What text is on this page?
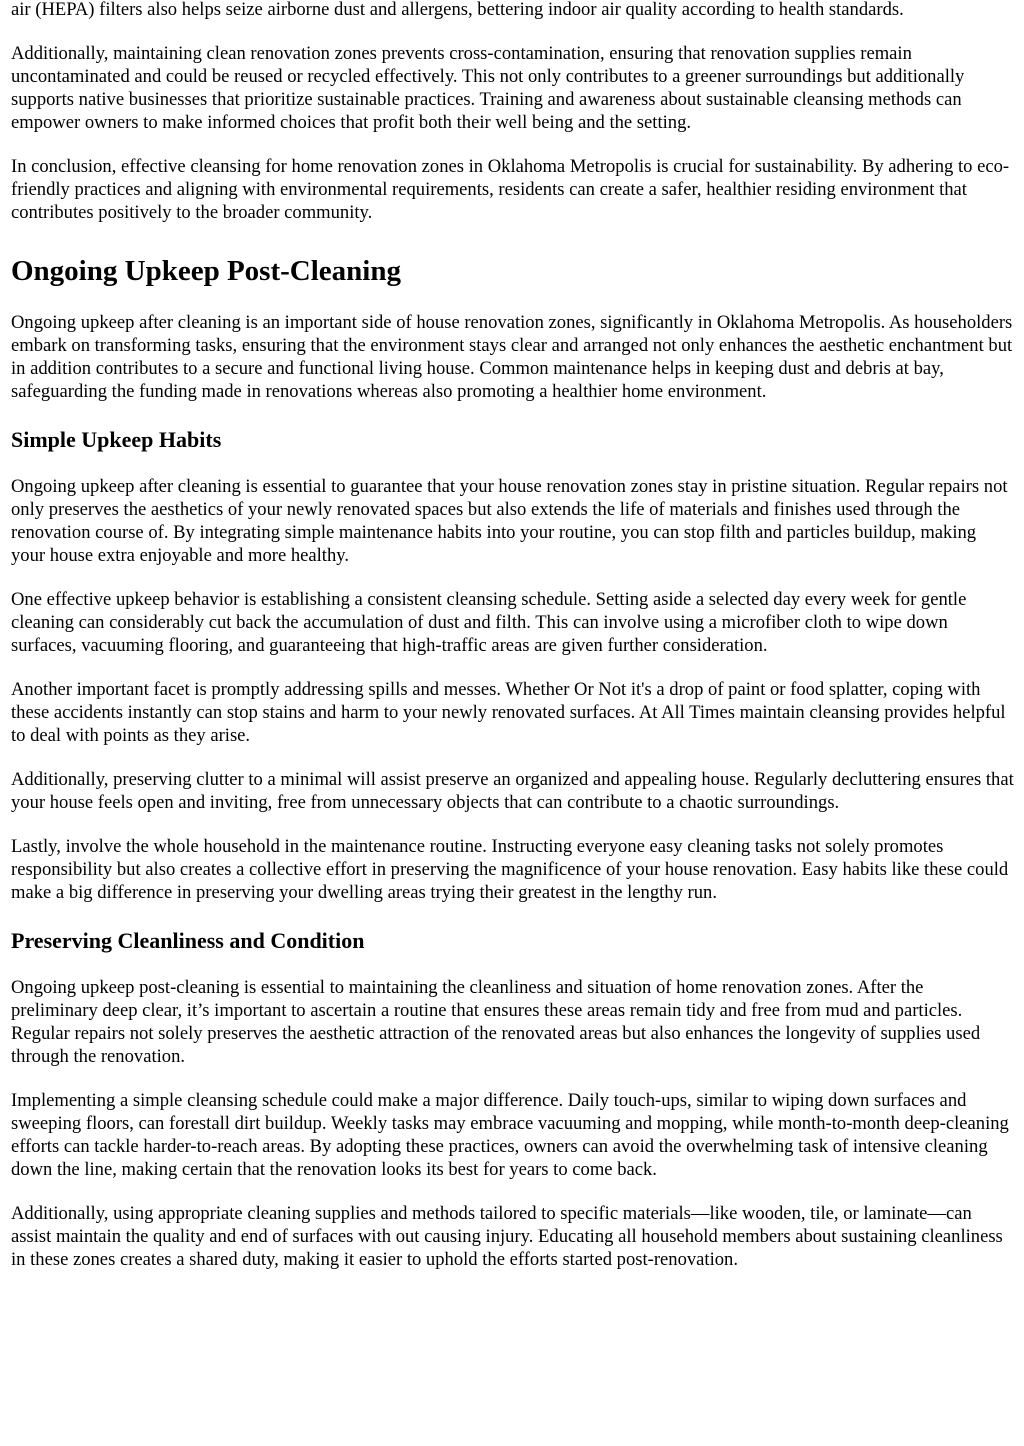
air (HEPA) filters also helps seize airborne dust and allergens, bettering indoor air quality according to health standards.

Additionally, maintaining clean renovation zones prevents cross-contamination, ensuring that renovation supplies remain uncontaminated and could be reused or recycled effectively. This not only contributes to a greener surroundings but additionally supports native businesses that prioritize sustainable practices. Training and awareness about sustainable cleansing methods can empower owners to make informed choices that profit both their well being and the setting.

In conclusion, effective cleansing for home renovation zones in Oklahoma Metropolis is crucial for sustainability. By adhering to eco-friendly practices and aligning with environmental requirements, residents can create a safer, healthier residing environment that contributes positively to the broader community.

Ongoing Upkeep Post-Cleaning

Ongoing upkeep after cleaning is an important side of house renovation zones, significantly in Oklahoma Metropolis. As householders embark on transforming tasks, ensuring that the environment stays clear and arranged not only enhances the aesthetic enchantment but in addition contributes to a secure and functional living house. Common maintenance helps in keeping dust and debris at bay, safeguarding the funding made in renovations whereas also promoting a healthier home environment.

Simple Upkeep Habits

Ongoing upkeep after cleaning is essential to guarantee that your house renovation zones stay in pristine situation. Regular repairs not only preserves the aesthetics of your newly renovated spaces but also extends the life of materials and finishes used through the renovation course of. By integrating simple maintenance habits into your routine, you can stop filth and particles buildup, making your house extra enjoyable and more healthy.

One effective upkeep behavior is establishing a consistent cleansing schedule. Setting aside a selected day every week for gentle cleaning can considerably cut back the accumulation of dust and filth. This can involve using a microfiber cloth to wipe down surfaces, vacuuming flooring, and guaranteeing that high-traffic areas are given further consideration.

Another important facet is promptly addressing spills and messes. Whether Or Not it's a drop of paint or food splatter, coping with these accidents instantly can stop stains and harm to your newly renovated surfaces. At All Times maintain cleansing provides helpful to deal with points as they arise.

Additionally, preserving clutter to a minimal will assist preserve an organized and appealing house. Regularly decluttering ensures that your house feels open and inviting, free from unnecessary objects that can contribute to a chaotic surroundings.

Lastly, involve the whole household in the maintenance routine. Instructing everyone easy cleaning tasks not solely promotes responsibility but also creates a collective effort in preserving the magnificence of your house renovation. Easy habits like these could make a big difference in preserving your dwelling areas trying their greatest in the lengthy run.

Preserving Cleanliness and Condition

Ongoing upkeep post-cleaning is essential to maintaining the cleanliness and situation of home renovation zones. After the preliminary deep clear, it’s important to ascertain a routine that ensures these areas remain tidy and free from mud and particles. Regular repairs not solely preserves the aesthetic attraction of the renovated areas but also enhances the longevity of supplies used through the renovation.

Implementing a simple cleansing schedule could make a major difference. Daily touch-ups, similar to wiping down surfaces and sweeping floors, can forestall dirt buildup. Weekly tasks may embrace vacuuming and mopping, while month-to-month deep-cleaning efforts can tackle harder-to-reach areas. By adopting these practices, owners can avoid the overwhelming task of intensive cleaning down the line, making certain that the renovation looks its best for years to come back.

Additionally, using appropriate cleaning supplies and methods tailored to specific materials—like wooden, tile, or laminate—can assist maintain the quality and end of surfaces with out causing injury. Educating all household members about sustaining cleanliness in these zones creates a shared duty, making it easier to uphold the efforts started post-renovation.
